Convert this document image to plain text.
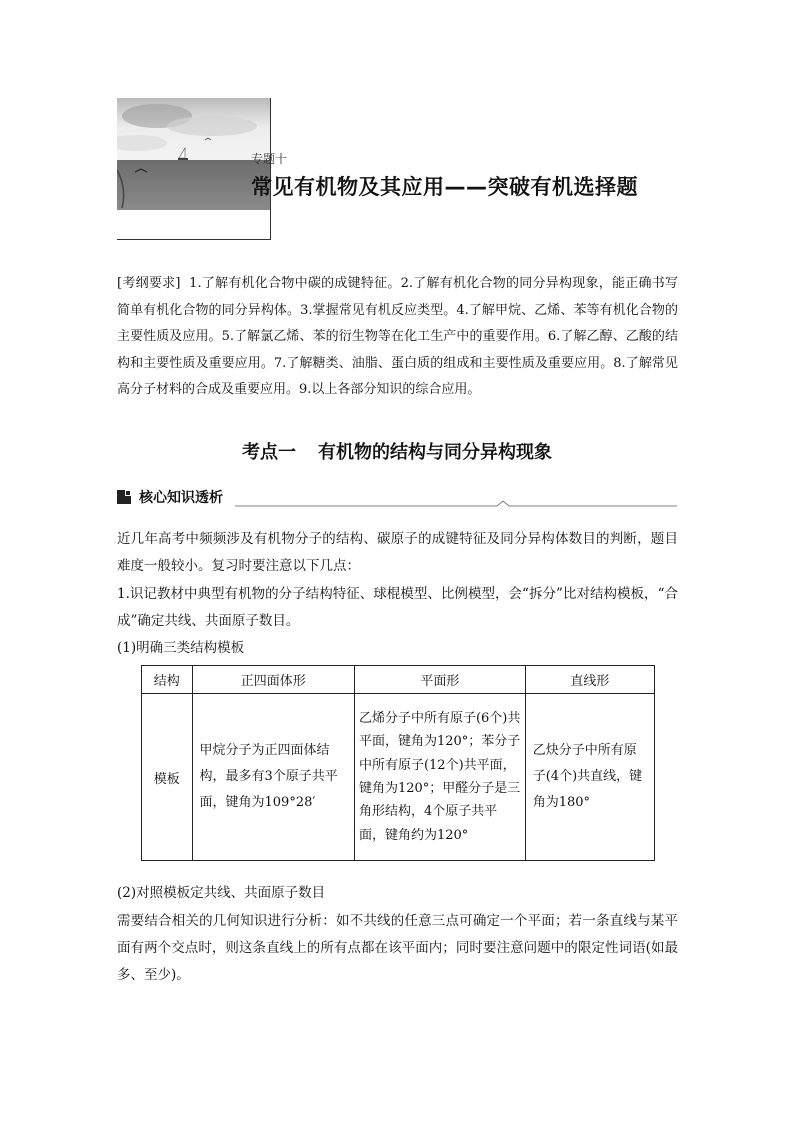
专题十
常见有机物及其应用——突破有机选择题
[考纲要求] 1.了解有机化合物中碳的成键特征。2.了解有机化合物的同分异构现象，能正确书写简单有机化合物的同分异构体。3.掌握常见有机反应类型。4.了解甲烷、乙烯、苯等有机化合物的主要性质及应用。5.了解氯乙烯、苯的衍生物等在化工生产中的重要作用。6.了解乙醇、乙酸的结构和主要性质及重要应用。7.了解糖类、油脂、蛋白质的组成和主要性质及重要应用。8.了解常见高分子材料的合成及重要应用。9.以上各部分知识的综合应用。
考点一 有机物的结构与同分异构现象
核心知识透析
近几年高考中频频涉及有机物分子的结构、碳原子的成键特征及同分异构体数目的判断，题目难度一般较小。复习时要注意以下几点：
1.识记教材中典型有机物的分子结构特征、球棍模型、比例模型，会“拆分”比对结构模板，“合成”确定共线、共面原子数目。
(1)明确三类结构模板
结构	正四面体形	平面形	直线形
模板	甲烷分子为正四面体结构，最多有3个原子共平面，键角为109°28′	乙烯分子中所有原子(6个)共平面，键角为120°；苯分子中所有原子(12个)共平面，键角为120°；甲醛分子是三角形结构，4个原子共平面，键角约为120°	乙炔分子中所有原子(4个)共直线，键角为180°
(2)对照模板定共线、共面原子数目
需要结合相关的几何知识进行分析：如不共线的任意三点可确定一个平面；若一条直线与某平面有两个交点时，则这条直线上的所有点都在该平面内；同时要注意问题中的限定性词语(如最多、至少)。
